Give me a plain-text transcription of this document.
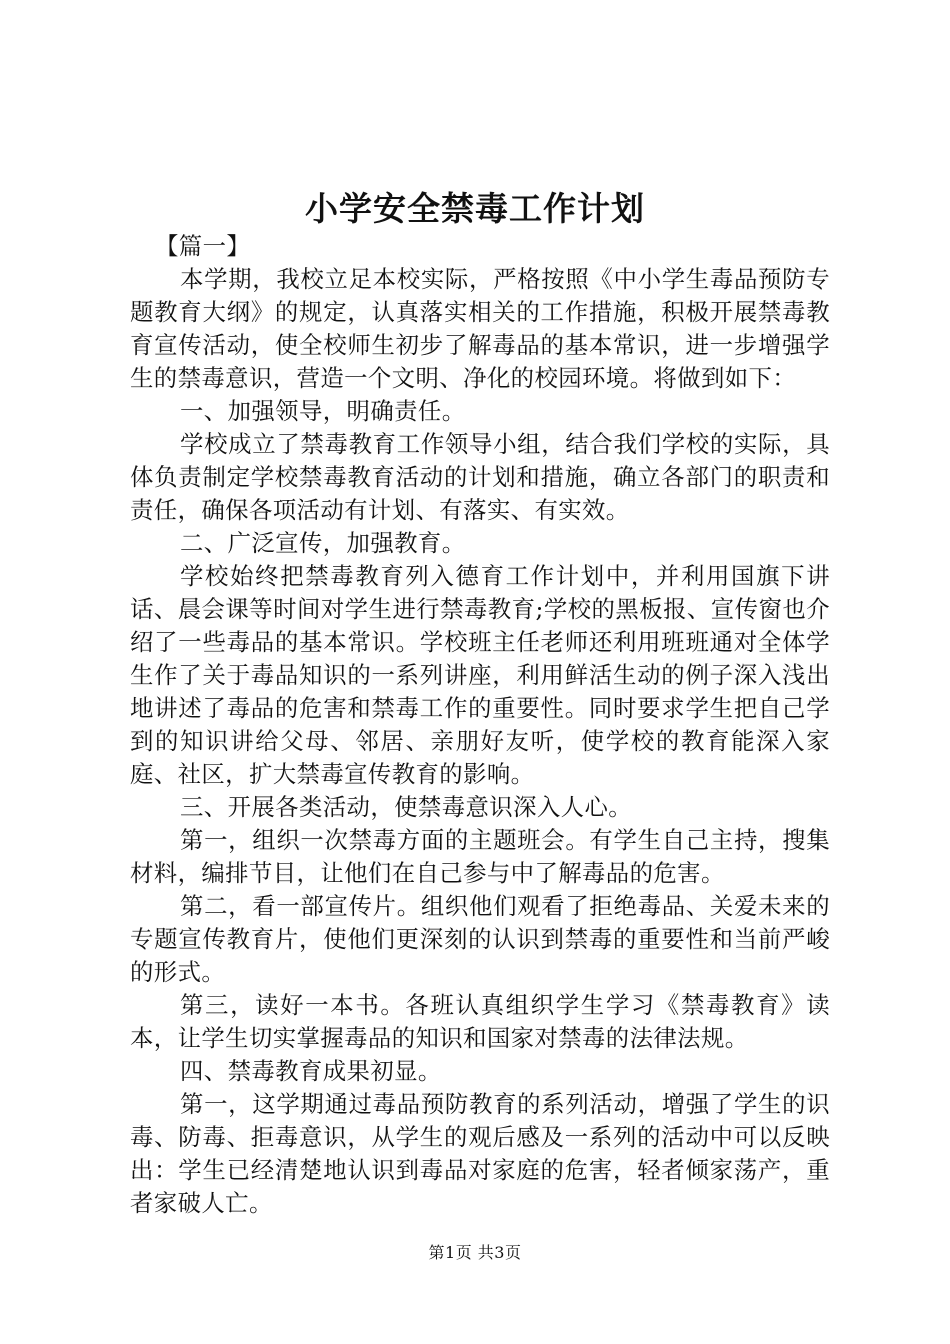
小学安全禁毒工作计划

【篇一】

本学期，我校立足本校实际，严格按照《中小学生毒品预防专题教育大纲》的规定，认真落实相关的工作措施，积极开展禁毒教育宣传活动，使全校师生初步了解毒品的基本常识，进一步增强学生的禁毒意识，营造一个文明、净化的校园环境。将做到如下：

一、加强领导，明确责任。

学校成立了禁毒教育工作领导小组，结合我们学校的实际，具体负责制定学校禁毒教育活动的计划和措施，确立各部门的职责和责任，确保各项活动有计划、有落实、有实效。

二、广泛宣传，加强教育。

学校始终把禁毒教育列入德育工作计划中，并利用国旗下讲话、晨会课等时间对学生进行禁毒教育;学校的黑板报、宣传窗也介绍了一些毒品的基本常识。学校班主任老师还利用班班通对全体学生作了关于毒品知识的一系列讲座，利用鲜活生动的例子深入浅出地讲述了毒品的危害和禁毒工作的重要性。同时要求学生把自己学到的知识讲给父母、邻居、亲朋好友听，使学校的教育能深入家庭、社区，扩大禁毒宣传教育的影响。

三、开展各类活动，使禁毒意识深入人心。

第一，组织一次禁毒方面的主题班会。有学生自己主持，搜集材料，编排节目，让他们在自己参与中了解毒品的危害。

第二，看一部宣传片。组织他们观看了拒绝毒品、关爱未来的专题宣传教育片，使他们更深刻的认识到禁毒的重要性和当前严峻的形式。

第三，读好一本书。各班认真组织学生学习《禁毒教育》读本，让学生切实掌握毒品的知识和国家对禁毒的法律法规。

四、禁毒教育成果初显。

第一，这学期通过毒品预防教育的系列活动，增强了学生的识毒、防毒、拒毒意识，从学生的观后感及一系列的活动中可以反映出：学生已经清楚地认识到毒品对家庭的危害，轻者倾家荡产，重者家破人亡。

第1页 共3页
